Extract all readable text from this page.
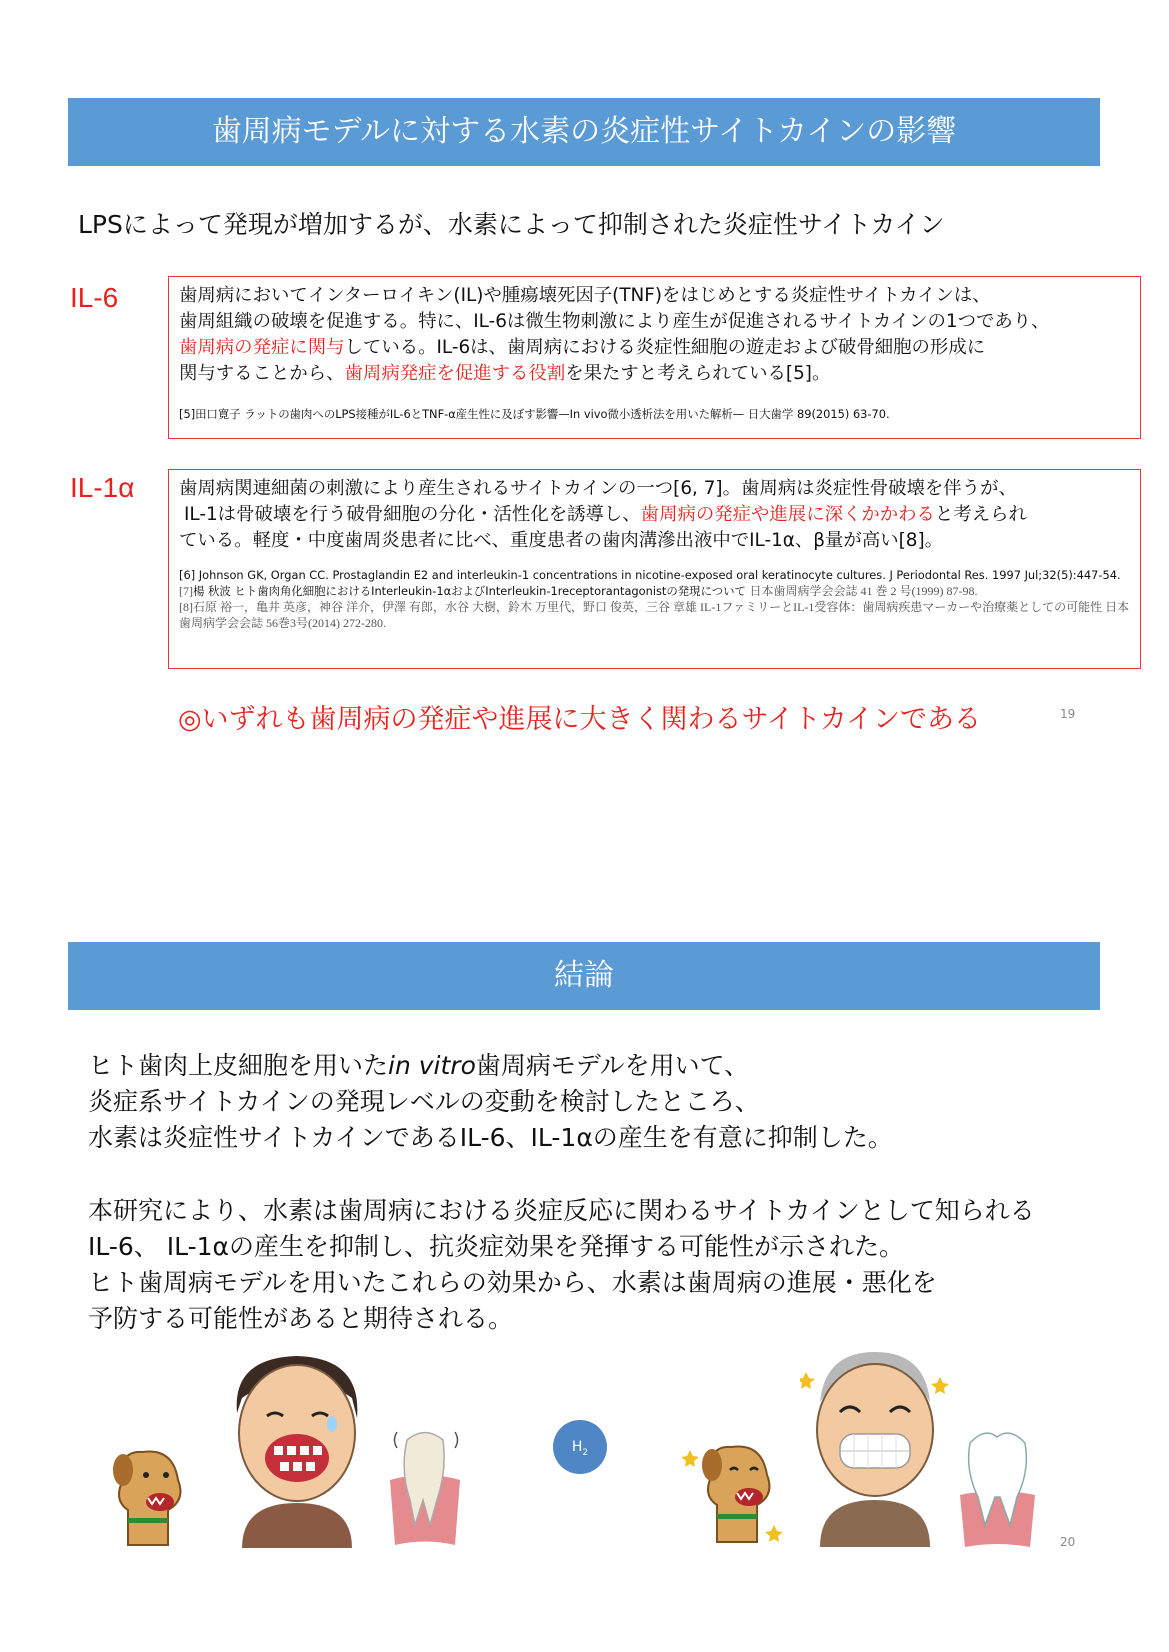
歯周病モデルに対する水素の炎症性サイトカインの影響
LPSによって発現が増加するが、水素によって抑制された炎症性サイトカイン
IL-6	歯周病においてインターロイキン(IL)や腫瘍壊死因子(TNF)をはじめとする炎症性サイトカインは、

歯周組織の破壊を促進する。特に、IL-6は微生物刺激により産生が促進されるサイトカインの1つであり、

歯周病の発症に関与している。IL-6は、歯周病における炎症性細胞の遊走および破骨細胞の形成に

関与することから、歯周病発症を促進する役割を果たすと考えられている[5]。

[5]田口寛子 ラットの歯肉へのLPS接種がIL-6とTNF-α産生性に及ぼす影響—In vivo微小透析法を用いた解析— 日大歯学 89(2015) 63-70.

IL-1α 歯周病関連細菌の刺激により産生されるサイトカインの一つ[6, 7]。歯周病は炎症性骨破壊を伴うが、

IL-1は骨破壊を行う破骨細胞の分化・活性化を誘導し、歯周病の発症や進展に深くかかわると考えられ

ている。軽度・中度歯周炎患者に比べ、重度患者の歯肉溝滲出液中でIL-1α、β量が高い[8]。

[6] Johnson GK, Organ CC. Prostaglandin E2 and interleukin-1 concentrations in nicotine-exposed oral keratinocyte cultures. J Periodontal Res. 1997 Jul;32(5):447-54.

[7]楊 秋波 ヒト歯肉角化細胞におけるInterleukin-1αおよびInterleukin-1receptorantagonistの発現について 日本歯周病学会会誌 41 巻 2 号(1999) 87-98.

[8]石原 裕一，亀井 英彦，神谷 洋介，伊澤 有郎，水谷 大樹，鈴木 万里代，野口 俊英，三谷 章雄 IL-1ファミリーとIL-1受容体：歯周病疾患マーカーや治療薬としての可能性 日本歯周病学会会誌 56巻3号(2014) 272-280.

◎いずれも歯周病の発症や進展に大きく関わるサイトカインである	19
結論

ヒト歯肉上皮細胞を用いたin vitro歯周病モデルを用いて、

炎症系サイトカインの発現レベルの変動を検討したところ、

水素は炎症性サイトカインであるIL-6、IL-1αの産生を有意に抑制した。

本研究により、水素は歯周病における炎症反応に関わるサイトカインとして知られる

IL-6、 IL-1αの産生を抑制し、抗炎症効果を発揮する可能性が示された。

ヒト歯周病モデルを用いたこれらの効果から、水素は歯周病の進展・悪化を

予防する可能性があると期待される。

$H_2$
20
